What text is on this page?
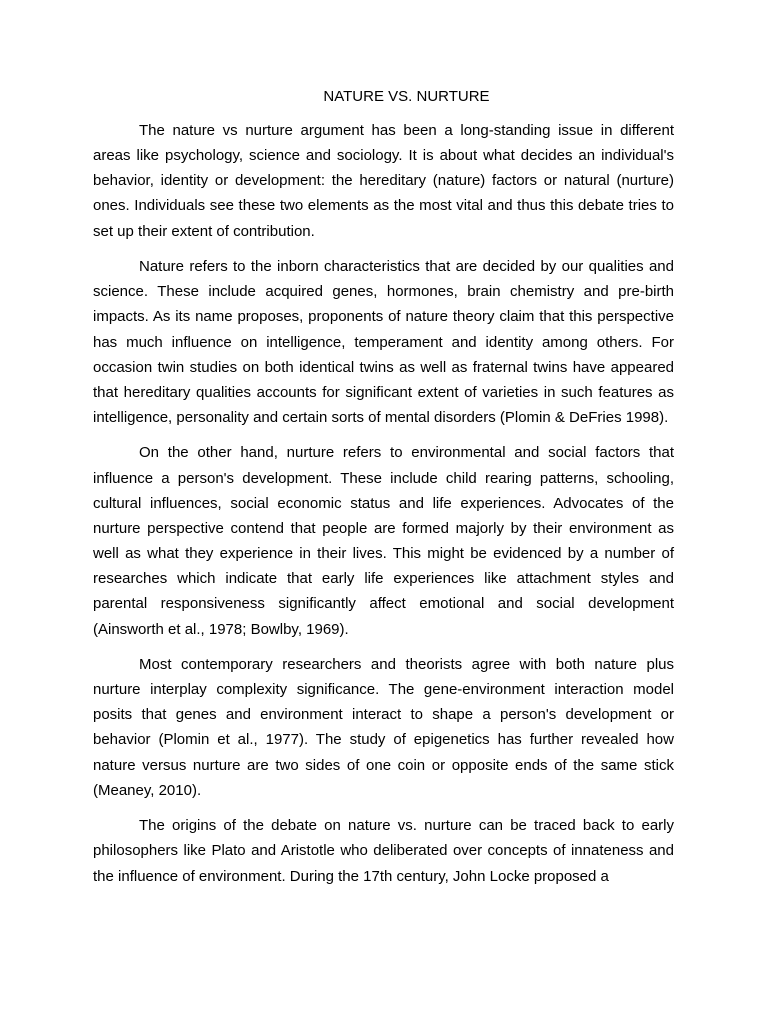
NATURE VS. NURTURE

The nature vs nurture argument has been a long-standing issue in different areas like psychology, science and sociology. It is about what decides an individual's behavior, identity or development: the hereditary (nature) factors or natural (nurture) ones. Individuals see these two elements as the most vital and thus this debate tries to set up their extent of contribution.

Nature refers to the inborn characteristics that are decided by our qualities and science. These include acquired genes, hormones, brain chemistry and pre-birth impacts. As its name proposes, proponents of nature theory claim that this perspective has much influence on intelligence, temperament and identity among others. For occasion twin studies on both identical twins as well as fraternal twins have appeared that hereditary qualities accounts for significant extent of varieties in such features as intelligence, personality and certain sorts of mental disorders (Plomin & DeFries 1998).

On the other hand, nurture refers to environmental and social factors that influence a person's development. These include child rearing patterns, schooling, cultural influences, social economic status and life experiences. Advocates of the nurture perspective contend that people are formed majorly by their environment as well as what they experience in their lives. This might be evidenced by a number of researches which indicate that early life experiences like attachment styles and parental responsiveness significantly affect emotional and social development (Ainsworth et al., 1978; Bowlby, 1969).

Most contemporary researchers and theorists agree with both nature plus nurture interplay complexity significance. The gene-environment interaction model posits that genes and environment interact to shape a person's development or behavior (Plomin et al., 1977). The study of epigenetics has further revealed how nature versus nurture are two sides of one coin or opposite ends of the same stick (Meaney, 2010).

The origins of the debate on nature vs. nurture can be traced back to early philosophers like Plato and Aristotle who deliberated over concepts of innateness and the influence of environment. During the 17th century, John Locke proposed a
